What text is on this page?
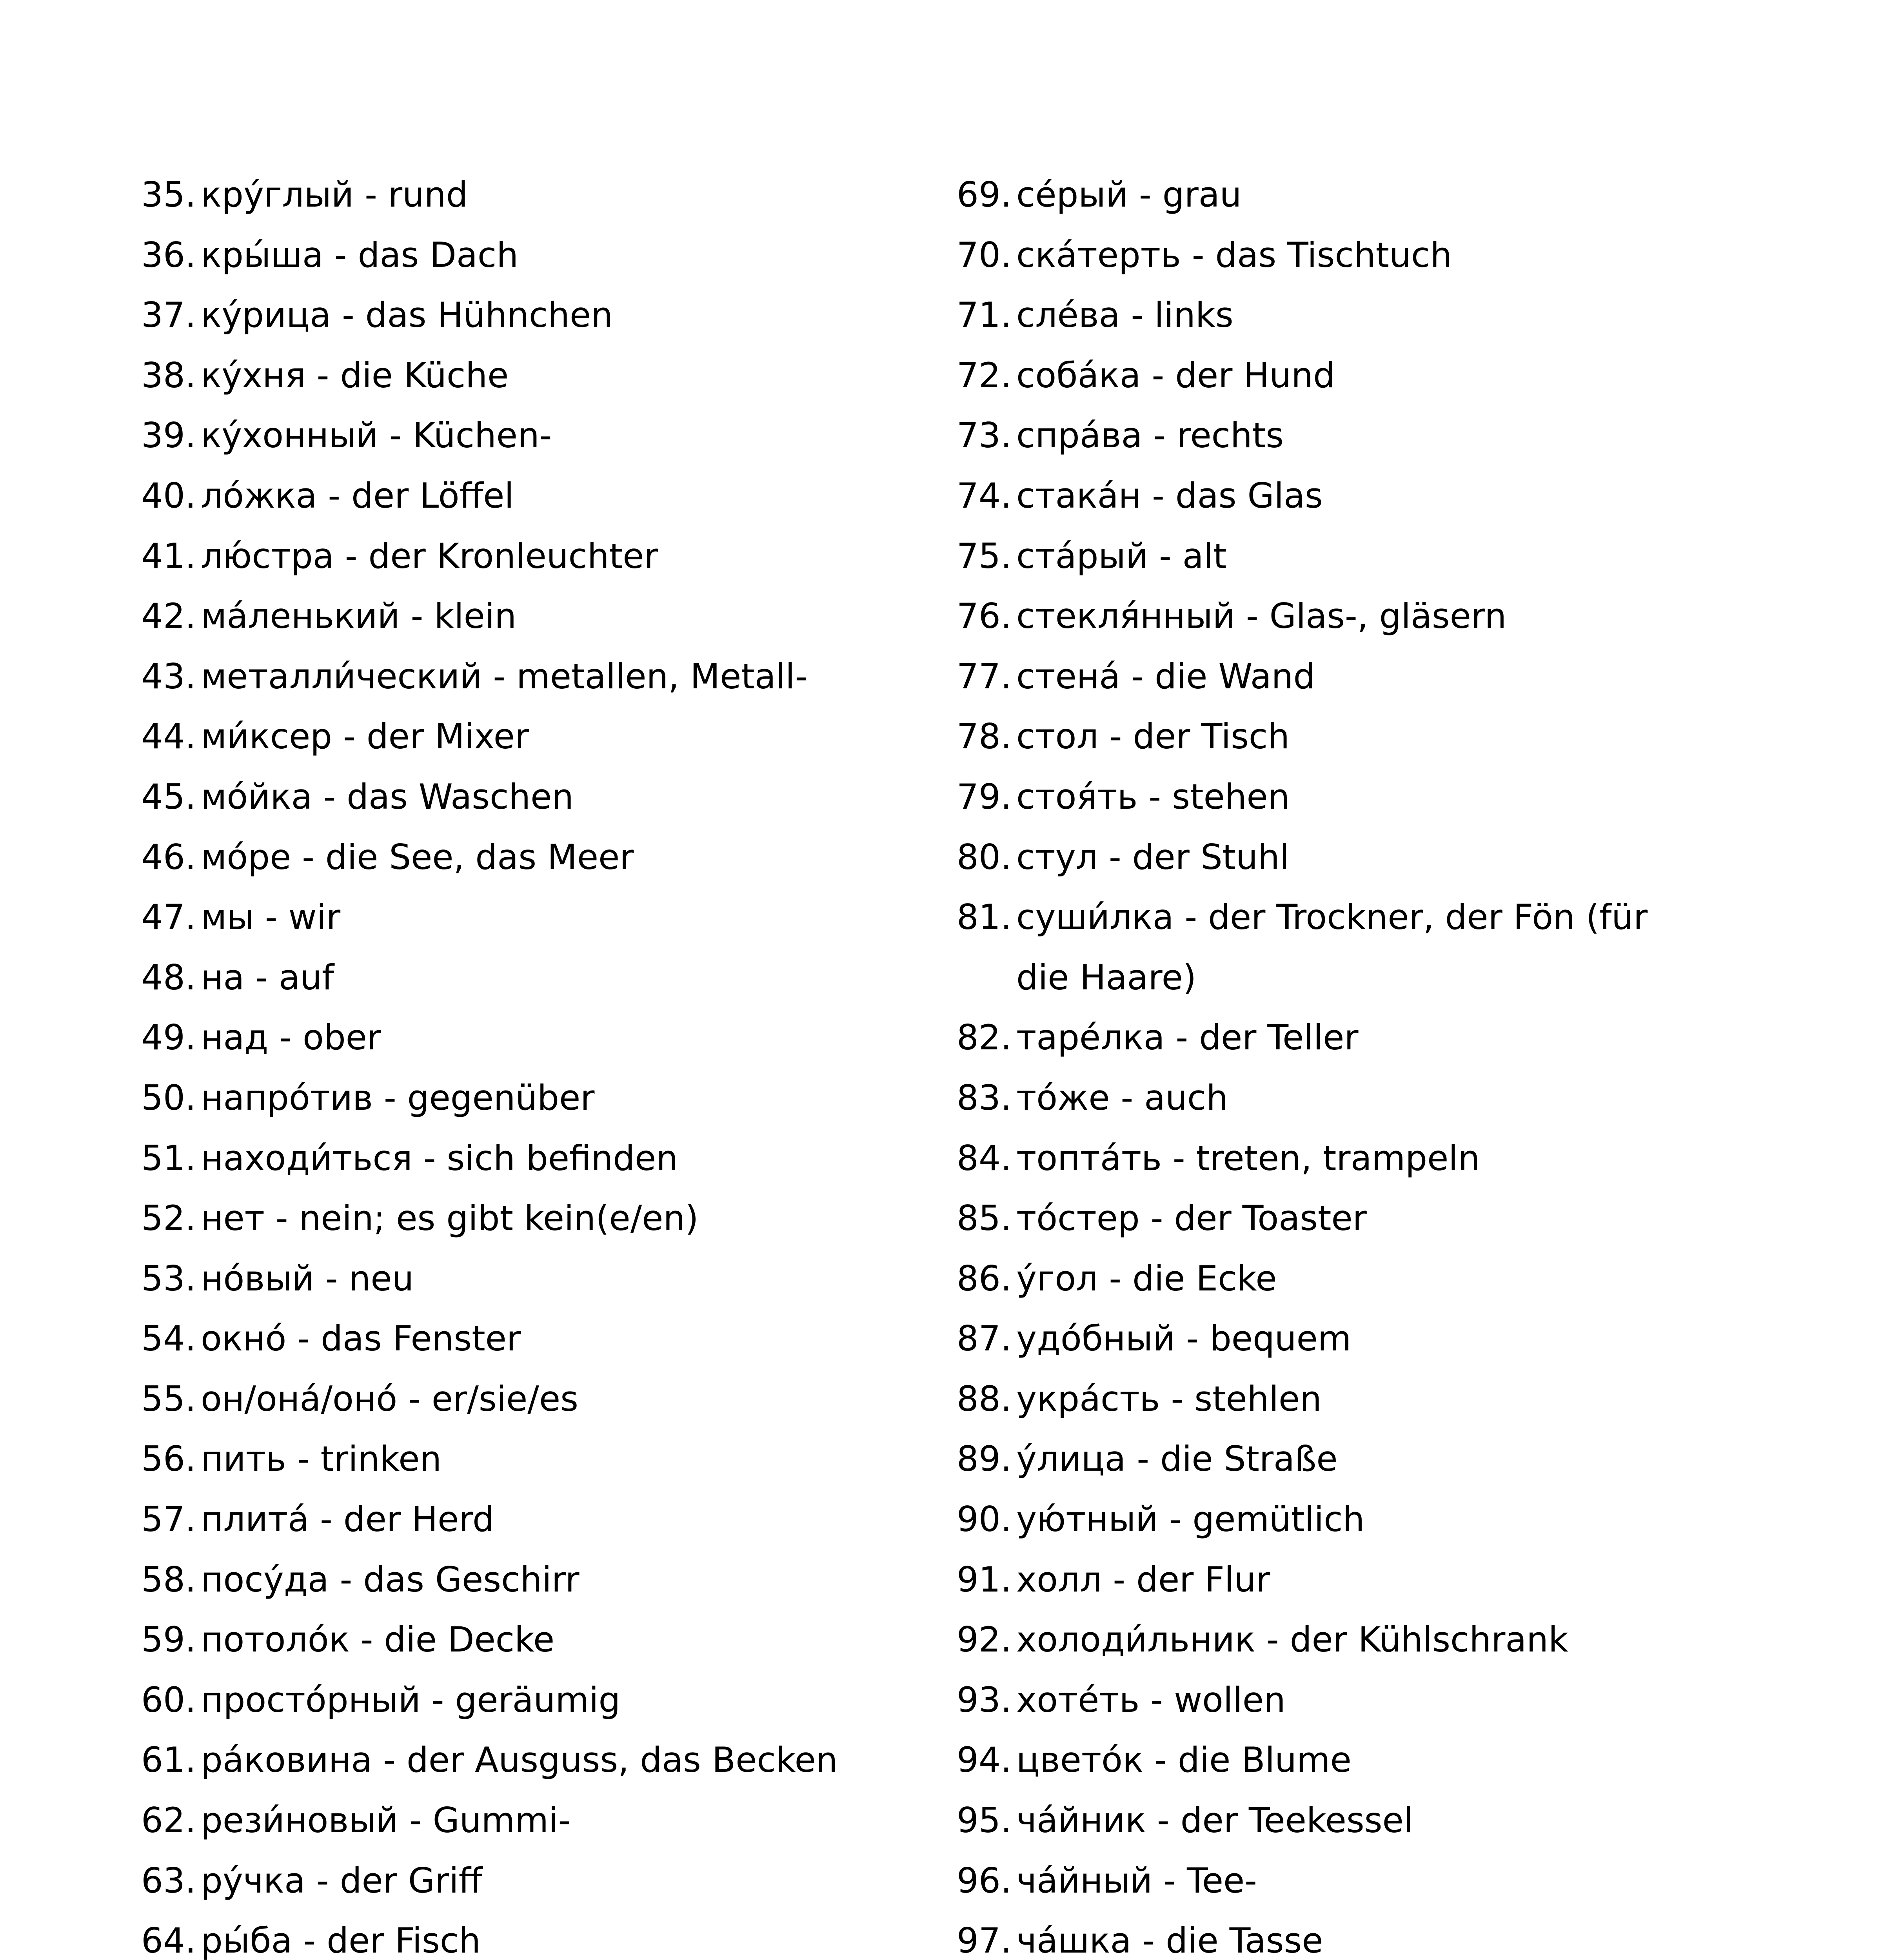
35. кру́глый - rund
36. кры́ша - das Dach
37. ку́рица - das Hühnchen
38. ку́хня - die Küche
39. ку́хонный - Küchen-
40. ло́жка - der Löffel
41. лю́стра - der Kronleuchter
42. ма́ленький - klein
43. металли́ческий - metallen, Metall-
44. ми́ксер - der Mixer
45. мо́йка - das Waschen
46. мо́ре - die See, das Meer
47. мы - wir
48. на - auf
49. над - ober
50. напро́тив - gegenüber
51. находи́ться - sich befinden
52. нет - nein; es gibt kein(e/en)
53. но́вый - neu
54. окно́ - das Fenster
55. он/она́/оно́ - er/sie/es
56. пить - trinken
57. плита́ - der Herd
58. посу́да - das Geschirr
59. потоло́к - die Decke
60. просто́рный - geräumig
61. ра́ковина - der Ausguss, das Becken
62. рези́новый - Gummi-
63. ру́чка - der Griff
64. ры́ба - der Fisch
69. се́рый - grau
70. ска́терть - das Tischtuch
71. сле́ва - links
72. соба́ка - der Hund
73. спра́ва - rechts
74. стака́н - das Glas
75. ста́рый - alt
76. стекля́нный - Glas-, gläsern
77. стена́ - die Wand
78. стол - der Tisch
79. стоя́ть - stehen
80. стул - der Stuhl
81. суши́лка - der Trockner, der Fön (für die Haare)
82. таре́лка - der Teller
83. то́же - auch
84. топта́ть - treten, trampeln
85. то́стер - der Toaster
86. у́гол - die Ecke
87. удо́бный - bequem
88. укра́сть - stehlen
89. у́лица - die Straße
90. ую́тный - gemütlich
91. холл - der Flur
92. холоди́льник - der Kühlschrank
93. хоте́ть - wollen
94. цвето́к - die Blume
95. ча́йник - der Teekessel
96. ча́йный - Tee-
97. ча́шка - die Tasse
